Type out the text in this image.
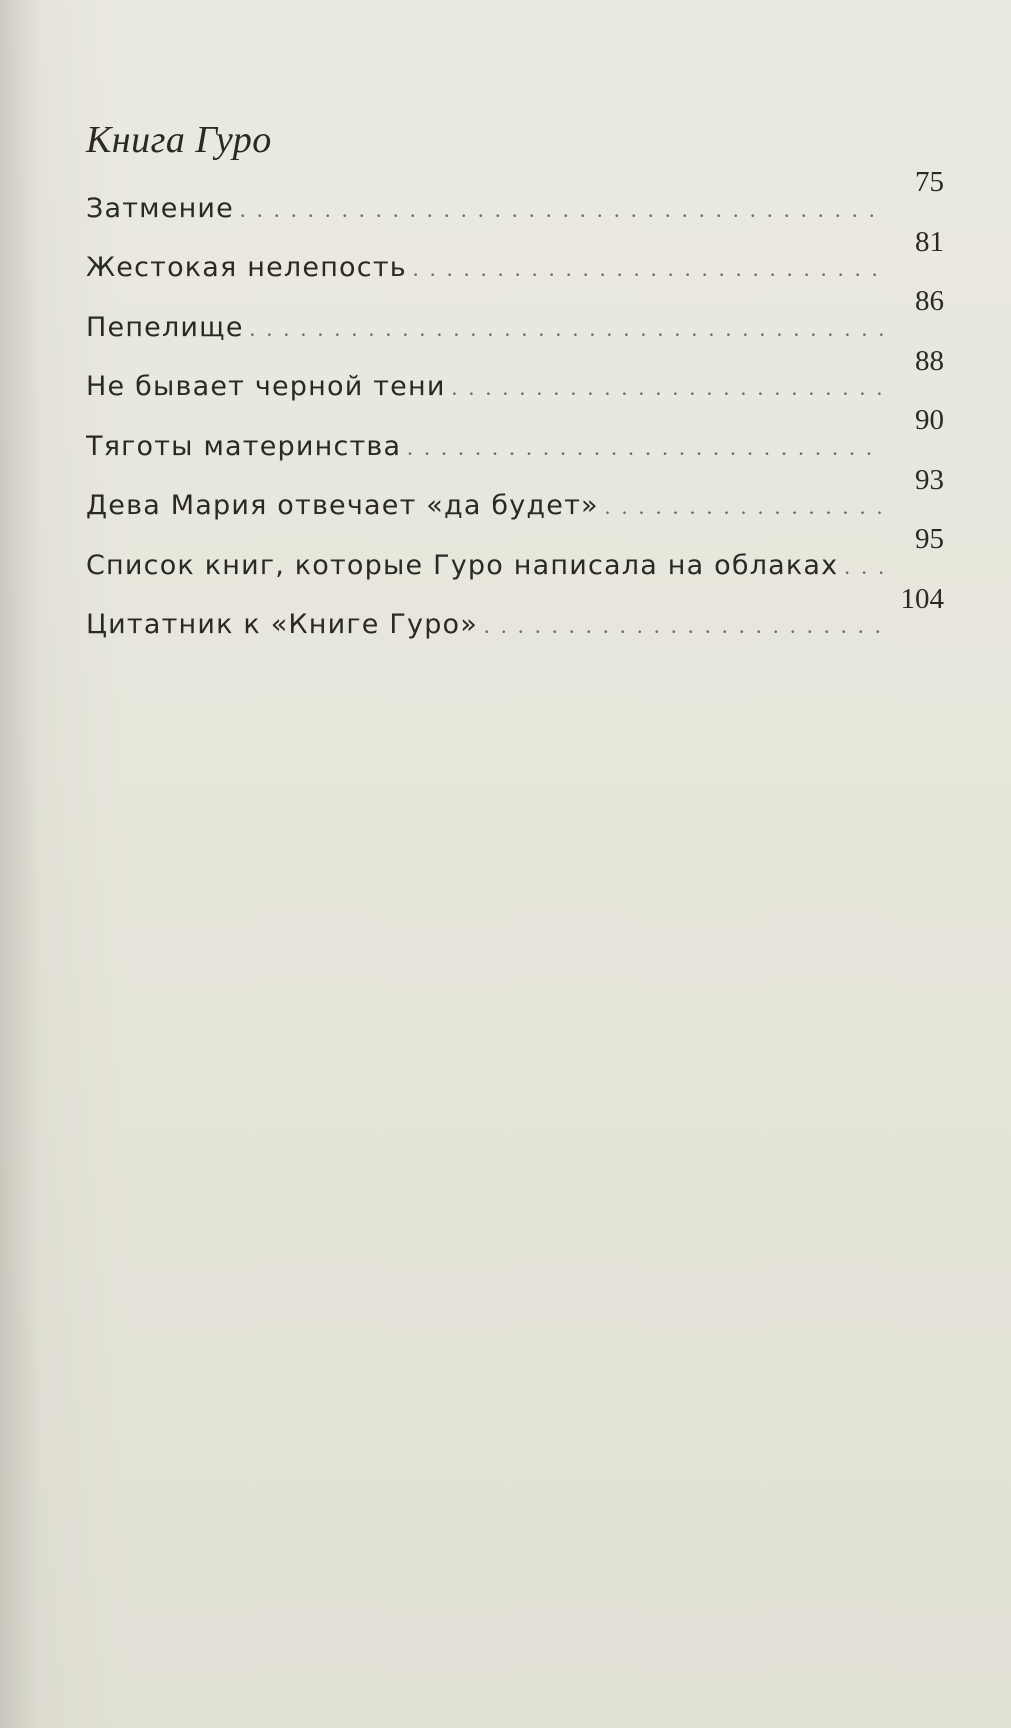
Книга Гуро
Затмение
. . .
75
Жестокая нелепость
. . .
81
Пепелище
. . .
86
Не бывает черной тени
. . .
88
Тяготы материнства
. . .
90
Дева Мария отвечает «да будет»
. . .
93
Список книг, которые Гуро написала на облаках
. . .
95
Цитатник к «Книге Гуро»
. . .
104
